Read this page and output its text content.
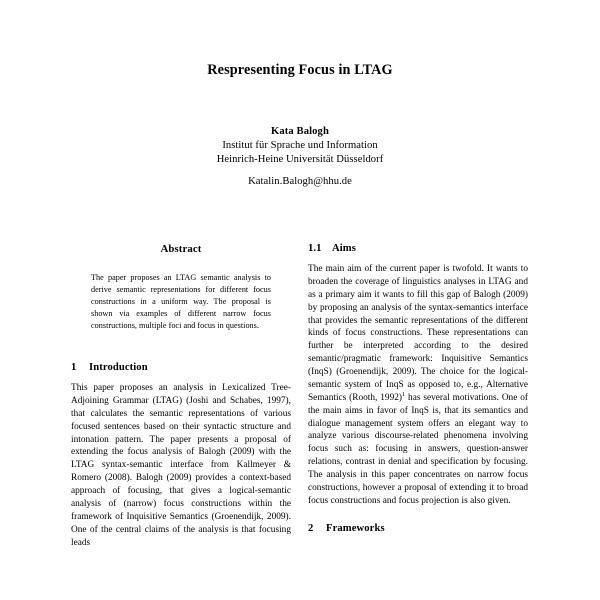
Respresenting Focus in LTAG
Kata Balogh
Institut für Sprache und Information
Heinrich-Heine Universität Düsseldorf
Katalin.Balogh@hhu.de
Abstract
The paper proposes an LTAG semantic analysis to derive semantic representations for different focus constructions in a uniform way. The proposal is shown via examples of different narrow focus constructions, multiple foci and focus in questions.
1	Introduction

This paper proposes an analysis in Lexicalized Tree-Adjoining Grammar (LTAG) (Joshi and Schabes, 1997), that calculates the semantic representations of various focused sentences based on their syntactic structure and intonation pattern. The paper presents a proposal of extending the focus analysis of Balogh (2009) with the LTAG syntax-semantic interface from Kallmeyer & Romero (2008). Balogh (2009) provides a context-based approach of focusing, that gives a logical-semantic analysis of (narrow) focus constructions within the framework of Inquisitive Semantics (Groenendijk, 2009). One of the central claims of the analysis is that focusing leads

1.1 Aims

The main aim of the current paper is twofold. It wants to broaden the coverage of linguistics analyses in LTAG and as a primary aim it wants to fill this gap of Balogh (2009) by proposing an analysis of the syntax-semantics interface that provides the semantic representations of the different kinds of focus constructions. These representations can further be interpreted according to the desired semantic/pragmatic framework: Inquisitive Semantics (InqS) (Groenendijk, 2009). The choice for the logical-semantic system of InqS as opposed to, e.g., Alternative Semantics (Rooth, 1992)$^1$ has several motivations. One of the main aims in favor of InqS is, that its semantics and dialogue management system offers an elegant way to analyze various discourse-related phenomena involving focus such as: focusing in answers, question-answer relations, contrast in denial and specification by focusing. The analysis in this paper concentrates on narrow focus constructions, however a proposal of extending it to broad focus constructions and focus projection is also given.

2	Frameworks
